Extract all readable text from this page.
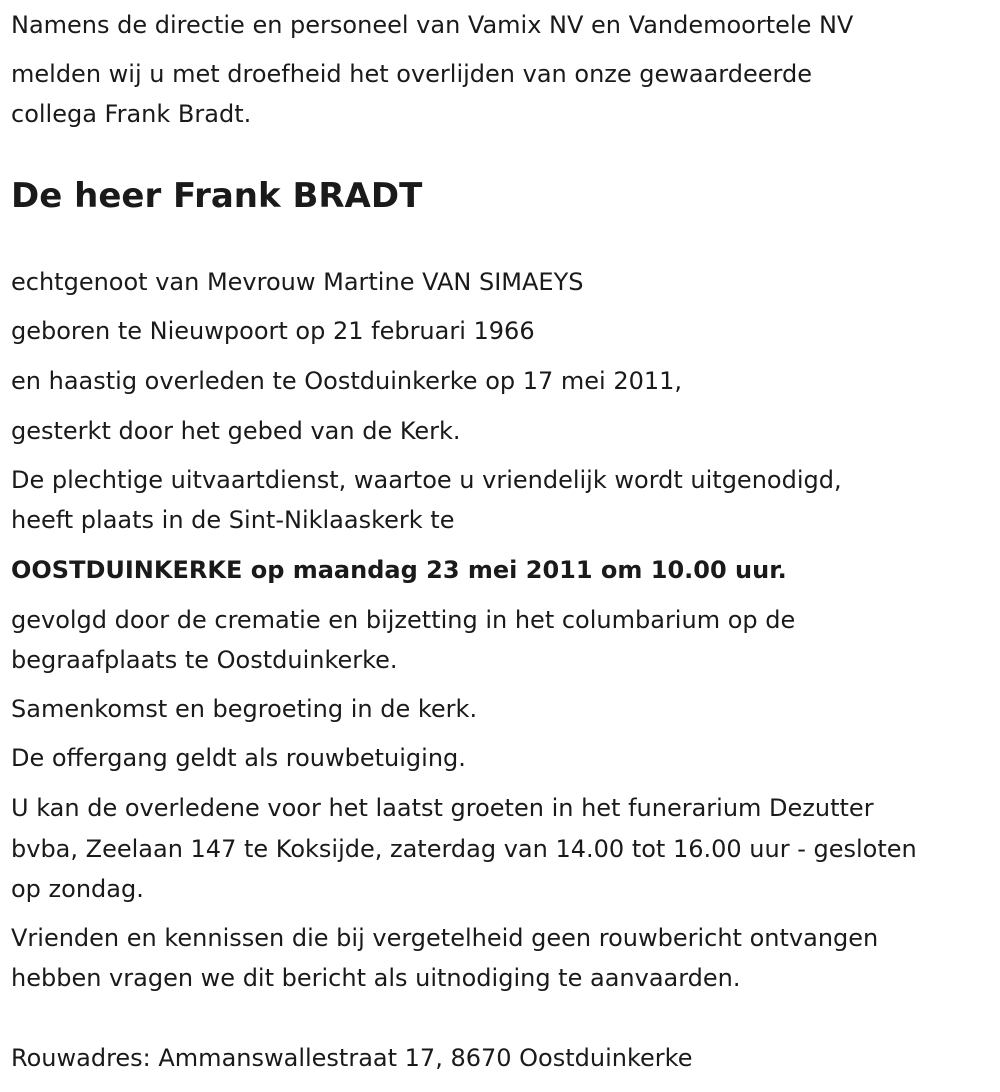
Namens de directie en personeel van Vamix NV en Vandemoortele NV
melden wij u met droefheid het overlijden van onze gewaardeerde
collega Frank Bradt.
De heer Frank BRADT
echtgenoot van Mevrouw Martine VAN SIMAEYS
geboren te Nieuwpoort op 21 februari 1966
en haastig overleden te Oostduinkerke op 17 mei 2011,
gesterkt door het gebed van de Kerk.
De plechtige uitvaartdienst, waartoe u vriendelijk wordt uitgenodigd,
heeft plaats in de Sint-Niklaaskerk te
OOSTDUINKERKE op maandag 23 mei 2011 om 10.00 uur.
gevolgd door de crematie en bijzetting in het columbarium op de
begraafplaats te Oostduinkerke.
Samenkomst en begroeting in de kerk.
De offergang geldt als rouwbetuiging.
U kan de overledene voor het laatst groeten in het funerarium Dezutter
bvba, Zeelaan 147 te Koksijde, zaterdag van 14.00 tot 16.00 uur - gesloten
op zondag.
Vrienden en kennissen die bij vergetelheid geen rouwbericht ontvangen
hebben vragen we dit bericht als uitnodiging te aanvaarden.
Rouwadres: Ammanswallestraat 17, 8670 Oostduinkerke
